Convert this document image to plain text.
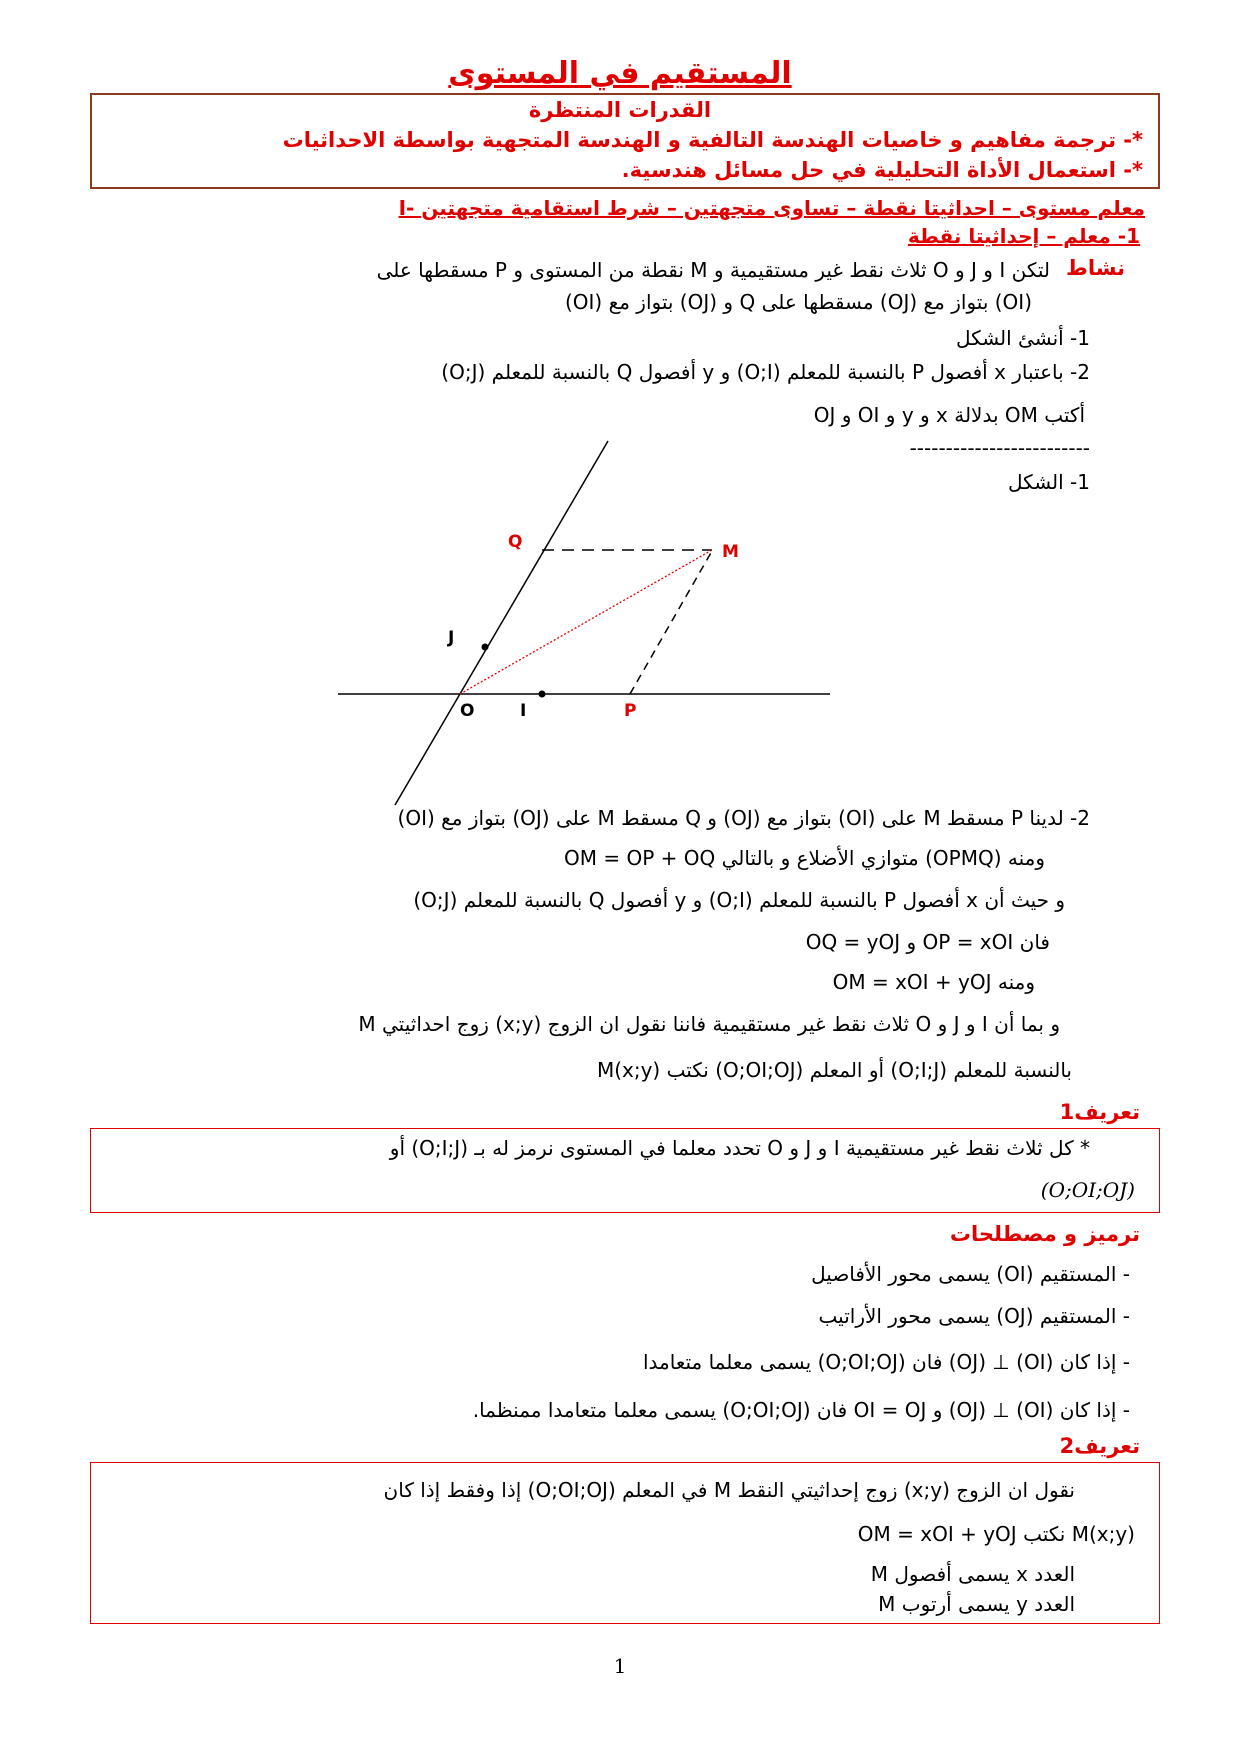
المستقيم في المستوى
القدرات المنتظرة
*- ترجمة مفاهيم و خاصيات الهندسة التالفية و الهندسة المتجهية بواسطة الاحداثيات
*- استعمال الأداة التحليلية في حل مسائل هندسية.
I- معلم مستوى – احداثيتا نقطة – تساوى متجهتين – شرط استقامية متجهتين
1- معلم – إحداثيتا نقطة
نشاط
لتكن I و J و O ثلاث نقط غير مستقيمية و M نقطة من المستوى و P مسقطها على
(OI) بتواز مع (OJ) و Q مسقطها على (OJ) بتواز مع (OI)
1- أنشئ الشكل
2- باعتبار x أفصول P بالنسبة للمعلم (O;I) و y أفصول Q بالنسبة للمعلم (O;J)
أكتب OM بدلالة x و y و OI و OJ
-------------------------
1- الشكل
Q	M
J
O	I	P
2- لدينا P مسقط M على (OI) بتواز مع (OJ) و Q مسقط M على (OJ) بتواز مع (OI)
ومنه (OPMQ) متوازي الأضلاع و بالتالي OM = OP + OQ
و حيث أن x أفصول P بالنسبة للمعلم (O;I) و y أفصول Q بالنسبة للمعلم (O;J)
فان OP = xOI و OQ = yOJ
ومنه OM = xOI + yOJ
و بما أن I و J و O ثلاث نقط غير مستقيمية فاننا نقول ان الزوج (x;y) زوج احداثيتي M
بالنسبة للمعلم (O;I;J) أو المعلم (O;OI;OJ) نكتب M(x;y)
تعريف1
* كل ثلاث نقط غير مستقيمية I و J و O تحدد معلما في المستوى نرمز له بـ (O;I;J) أو
(O;OI;OJ)
ترميز و مصطلحات
- المستقيم (OI) يسمى محور الأفاصيل
- المستقيم (OJ) يسمى محور الأراتيب
- إذا كان (OI) ⊥ (OJ) فان (O;OI;OJ) يسمى معلما متعامدا
- إذا كان (OI) ⊥ (OJ) و OI = OJ فان (O;OI;OJ) يسمى معلما متعامدا ممنظما.
تعريف2
نقول ان الزوج (x;y) زوج إحداثيتي النقط M في المعلم (O;OI;OJ) إذا وفقط إذا كان
OM = xOI + yOJ نكتب M(x;y)
العدد x يسمى أفصول M
العدد y يسمى أرتوب M
1
